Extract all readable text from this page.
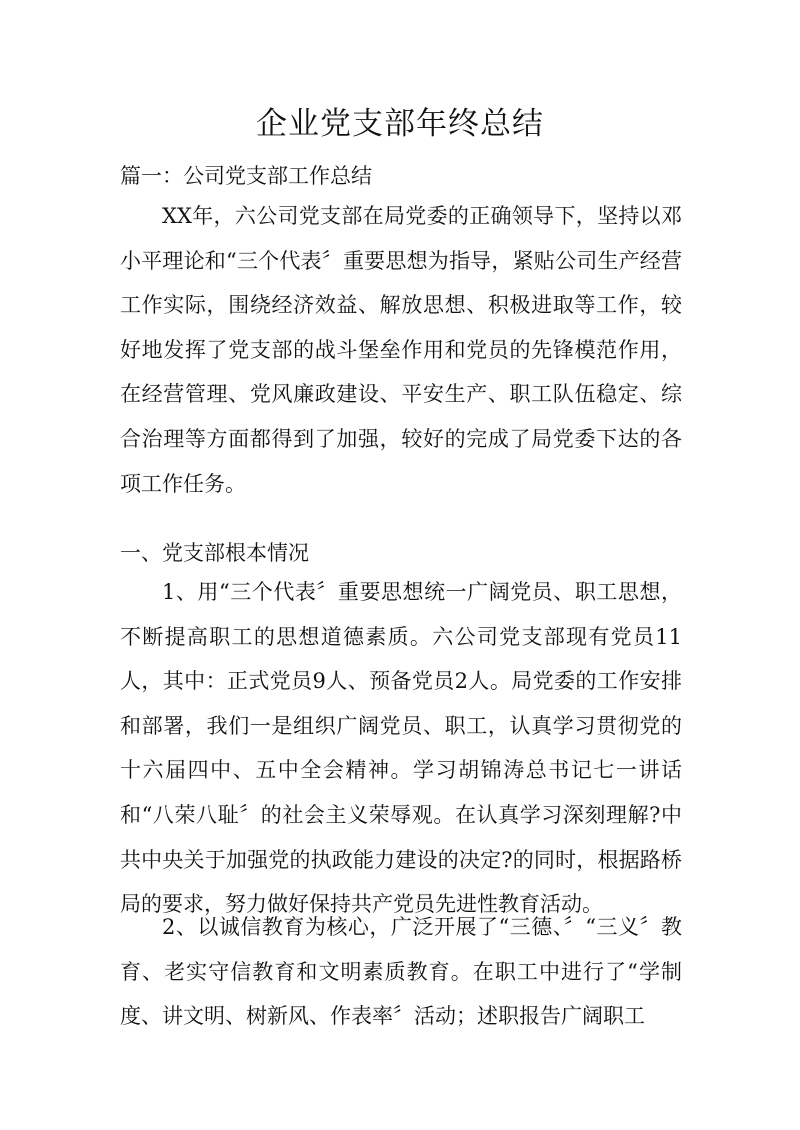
企业党支部年终总结

篇一：公司党支部工作总结

XX年，六公司党支部在局党委的正确领导下，坚持以邓小平理论和“三个代表〞重要思想为指导，紧贴公司生产经营工作实际，围绕经济效益、解放思想、积极进取等工作，较好地发挥了党支部的战斗堡垒作用和党员的先锋模范作用，在经营管理、党风廉政建设、平安生产、职工队伍稳定、综合治理等方面都得到了加强，较好的完成了局党委下达的各项工作任务。

一、党支部根本情况

1、用“三个代表〞重要思想统一广阔党员、职工思想，不断提高职工的思想道德素质。六公司党支部现有党员11人，其中：正式党员9人、预备党员2人。局党委的工作安排和部署，我们一是组织广阔党员、职工，认真学习贯彻党的十六届四中、五中全会精神。学习胡锦涛总书记七一讲话和“八荣八耻〞的社会主义荣辱观。在认真学习深刻理解?中共中央关于加强党的执政能力建设的决定?的同时，根据路桥局的要求，努力做好保持共产党员先进性教育活动。

2、以诚信教育为核心，广泛开展了“三德、〞“三义〞教育、老实守信教育和文明素质教育。在职工中进行了“学制度、讲文明、树新风、作表率〞活动；述职报告广阔职工
